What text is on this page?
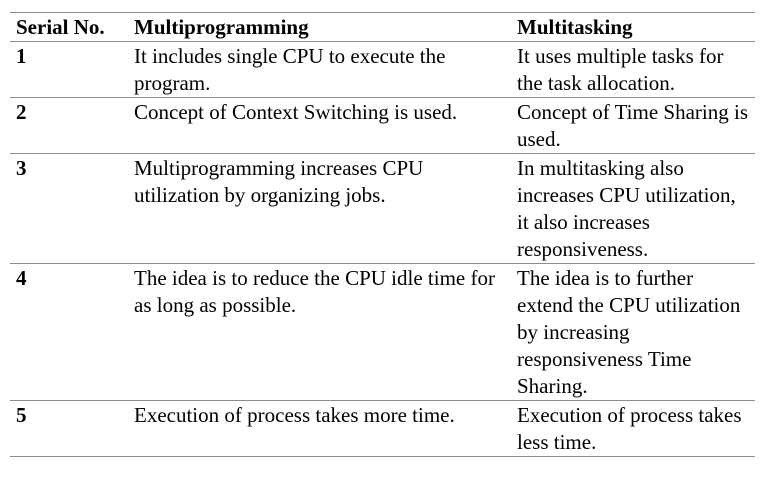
Serial No.	Multiprogramming	Multitasking
1	It includes single CPU to execute the program.	It uses multiple tasks for the task allocation.
2	Concept of Context Switching is used.	Concept of Time Sharing is used.
3	Multiprogramming increases CPU utilization by organizing jobs.	In multitasking also increases CPU utilization, it also increases responsiveness.
4	The idea is to reduce the CPU idle time for as long as possible.	The idea is to further extend the CPU utilization by increasing responsiveness Time Sharing.
5	Execution of process takes more time.	Execution of process takes less time.
